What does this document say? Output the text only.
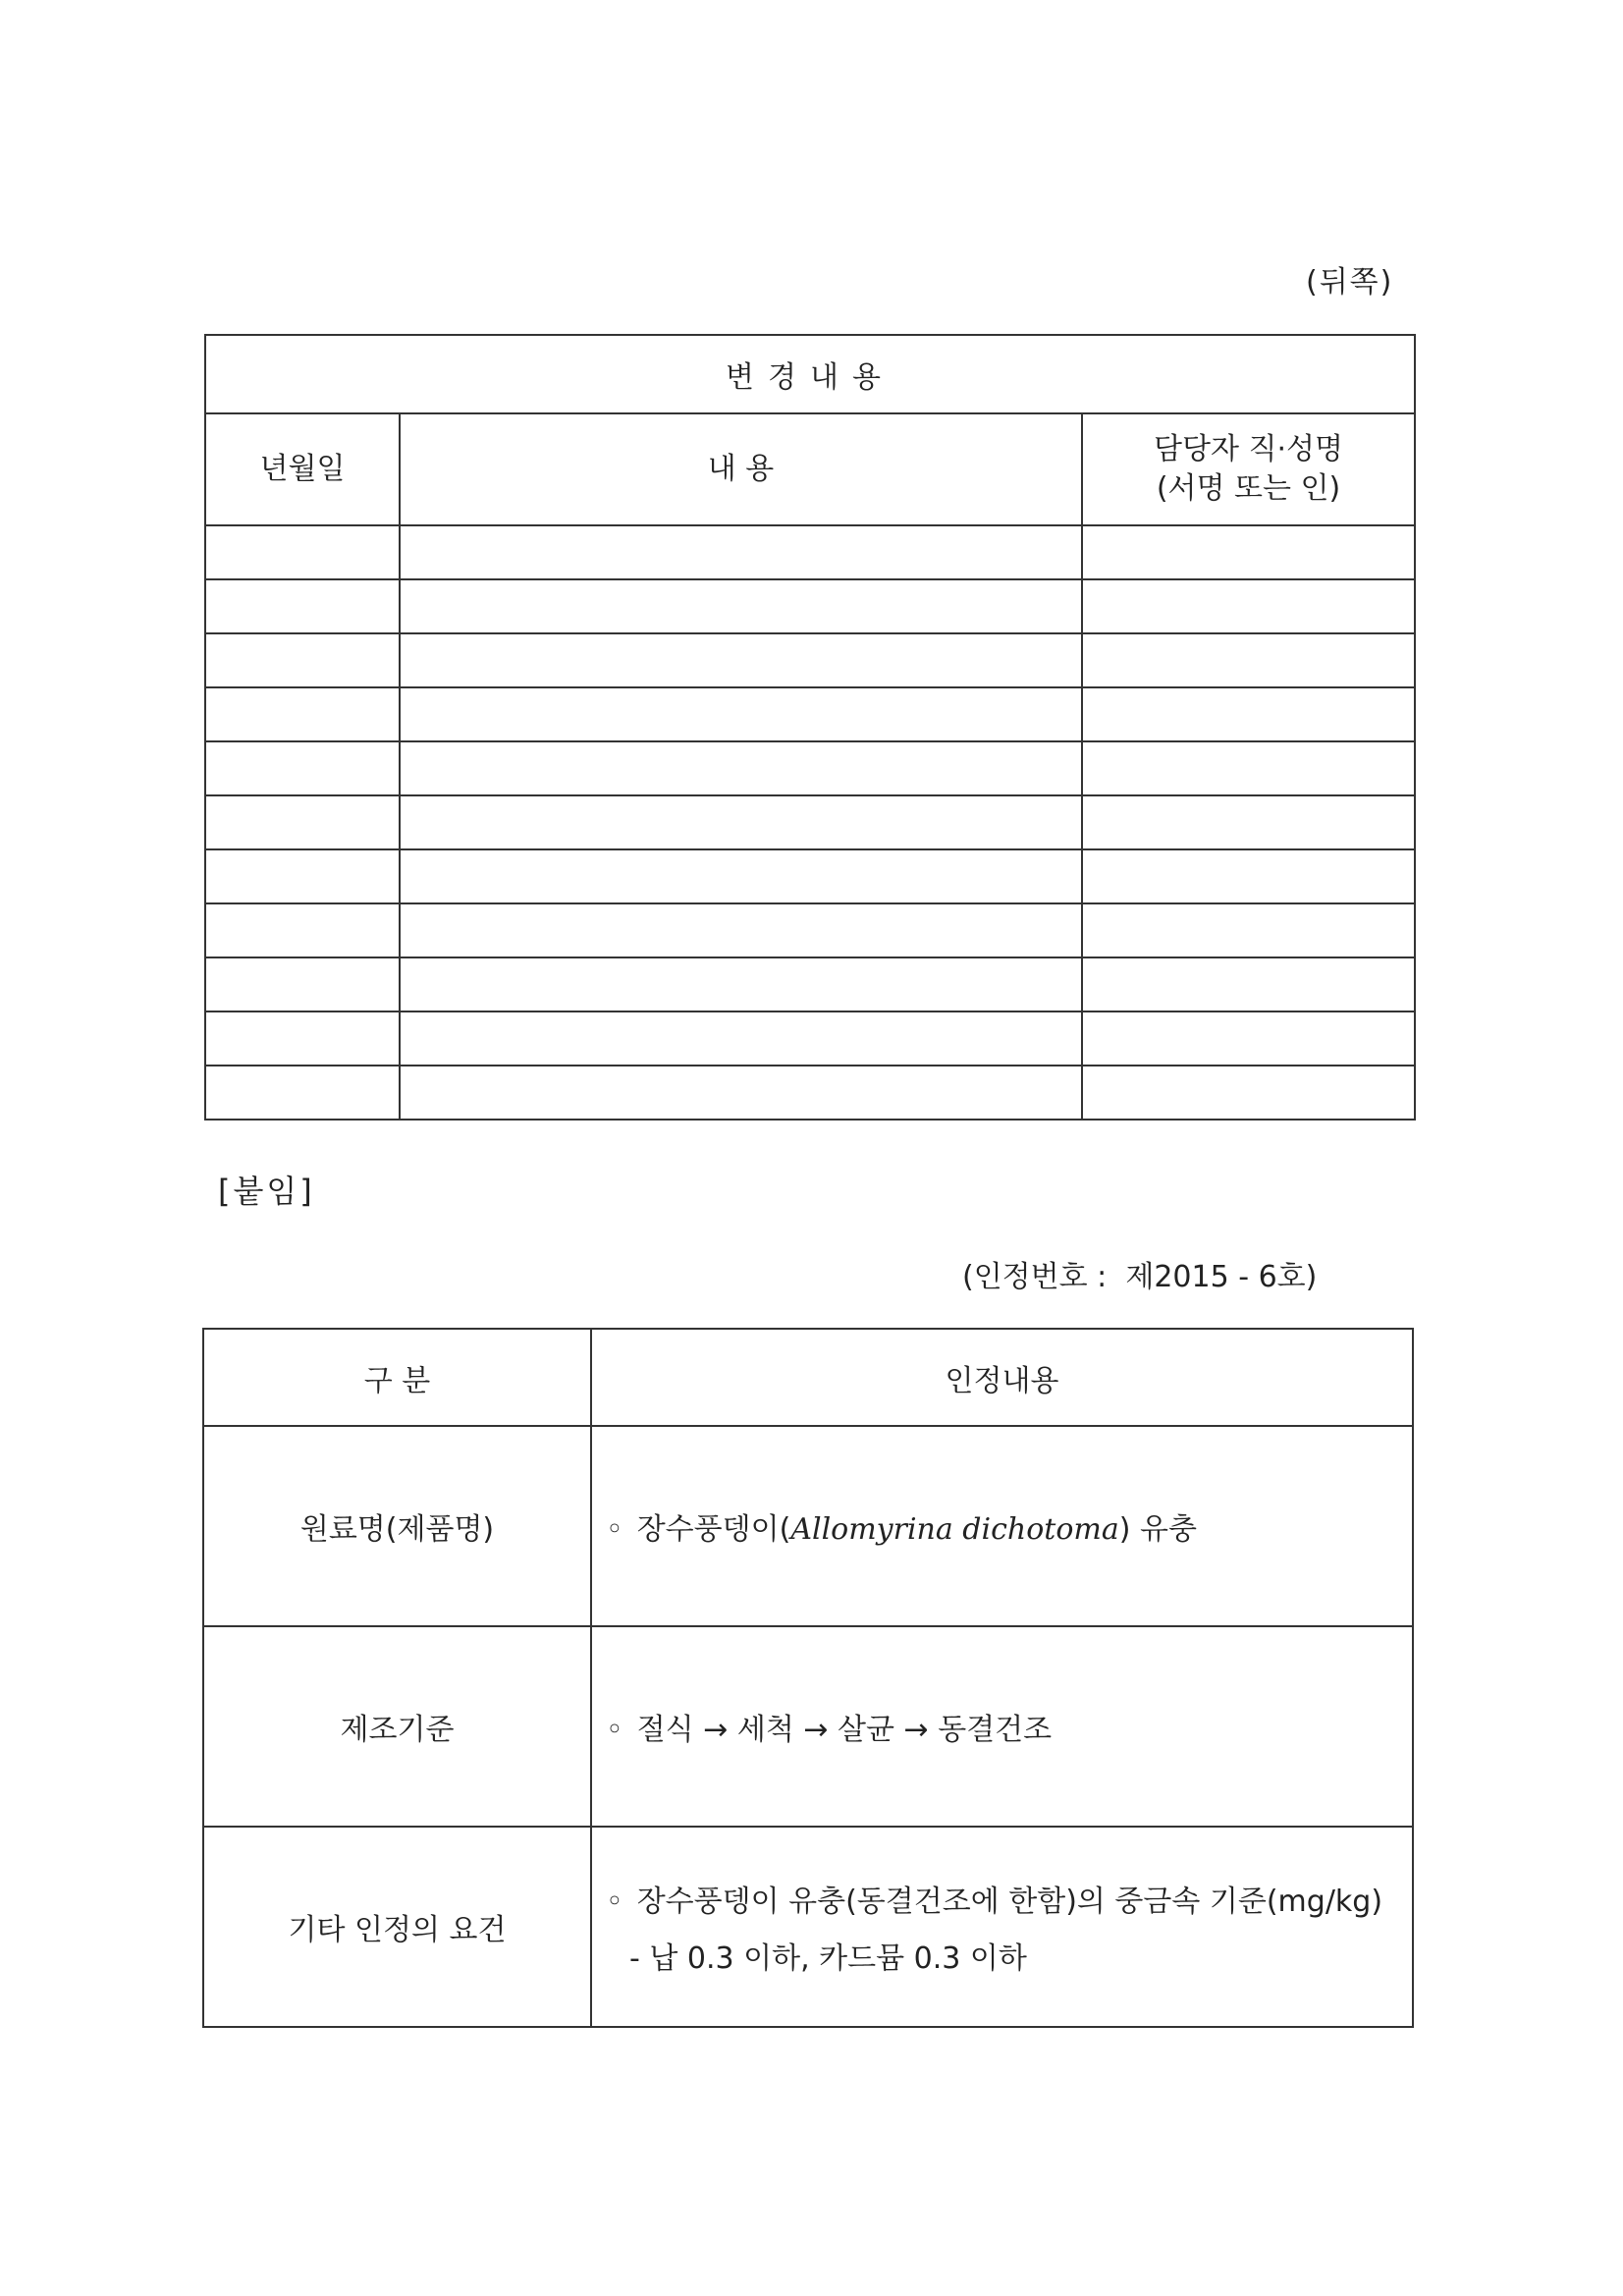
(뒤쪽)
변경내용		
년월일	내 용	담당자 직·성명
(서명 또는 인)

[붙임]
(인정번호 :  제2015 - 6호)
구 분	인정내용
원료명(제품명)	◦ 장수풍뎅이(Allomyrina dichotoma) 유충
제조기준	◦ 절식 → 세척 → 살균 → 동결건조
기타 인정의 요건	◦ 장수풍뎅이 유충(동결건조에 한함)의 중금속 기준(mg/kg)
- 납 0.3 이하, 카드뮴 0.3 이하
